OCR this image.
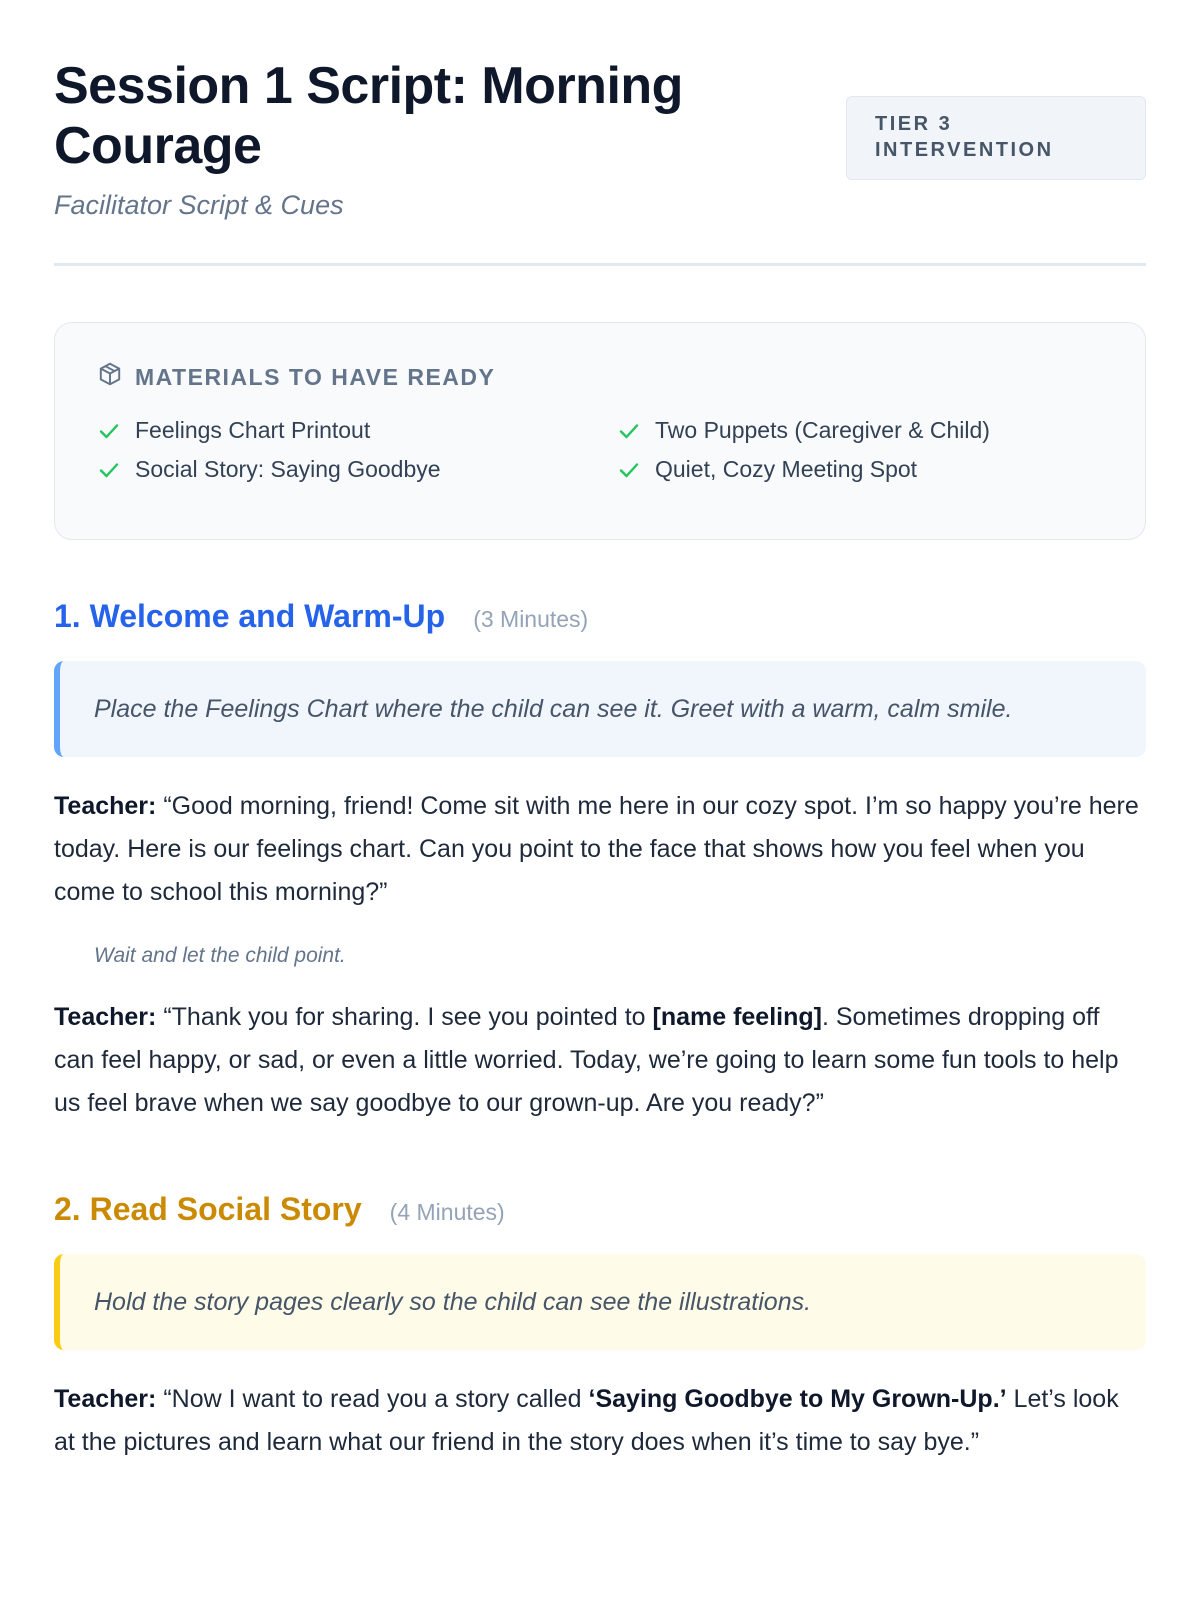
Session 1 Script: Morning Courage
Facilitator Script & Cues
TIER 3 INTERVENTION
MATERIALS TO HAVE READY
Feelings Chart Printout	Two Puppets (Caregiver & Child)
Social Story: Saying Goodbye	Quiet, Cozy Meeting Spot
1. Welcome and Warm-Up (3 Minutes)
Place the Feelings Chart where the child can see it. Greet with a warm, calm smile.
Teacher: “Good morning, friend! Come sit with me here in our cozy spot. I’m so happy you’re here today. Here is our feelings chart. Can you point to the face that shows how you feel when you come to school this morning?”
Wait and let the child point.
Teacher: “Thank you for sharing. I see you pointed to [name feeling]. Sometimes dropping off can feel happy, or sad, or even a little worried. Today, we’re going to learn some fun tools to help us feel brave when we say goodbye to our grown-up. Are you ready?”
2. Read Social Story (4 Minutes)
Hold the story pages clearly so the child can see the illustrations.
Teacher: “Now I want to read you a story called ‘Saying Goodbye to My Grown-Up.’ Let’s look at the pictures and learn what our friend in the story does when it’s time to say bye.”
